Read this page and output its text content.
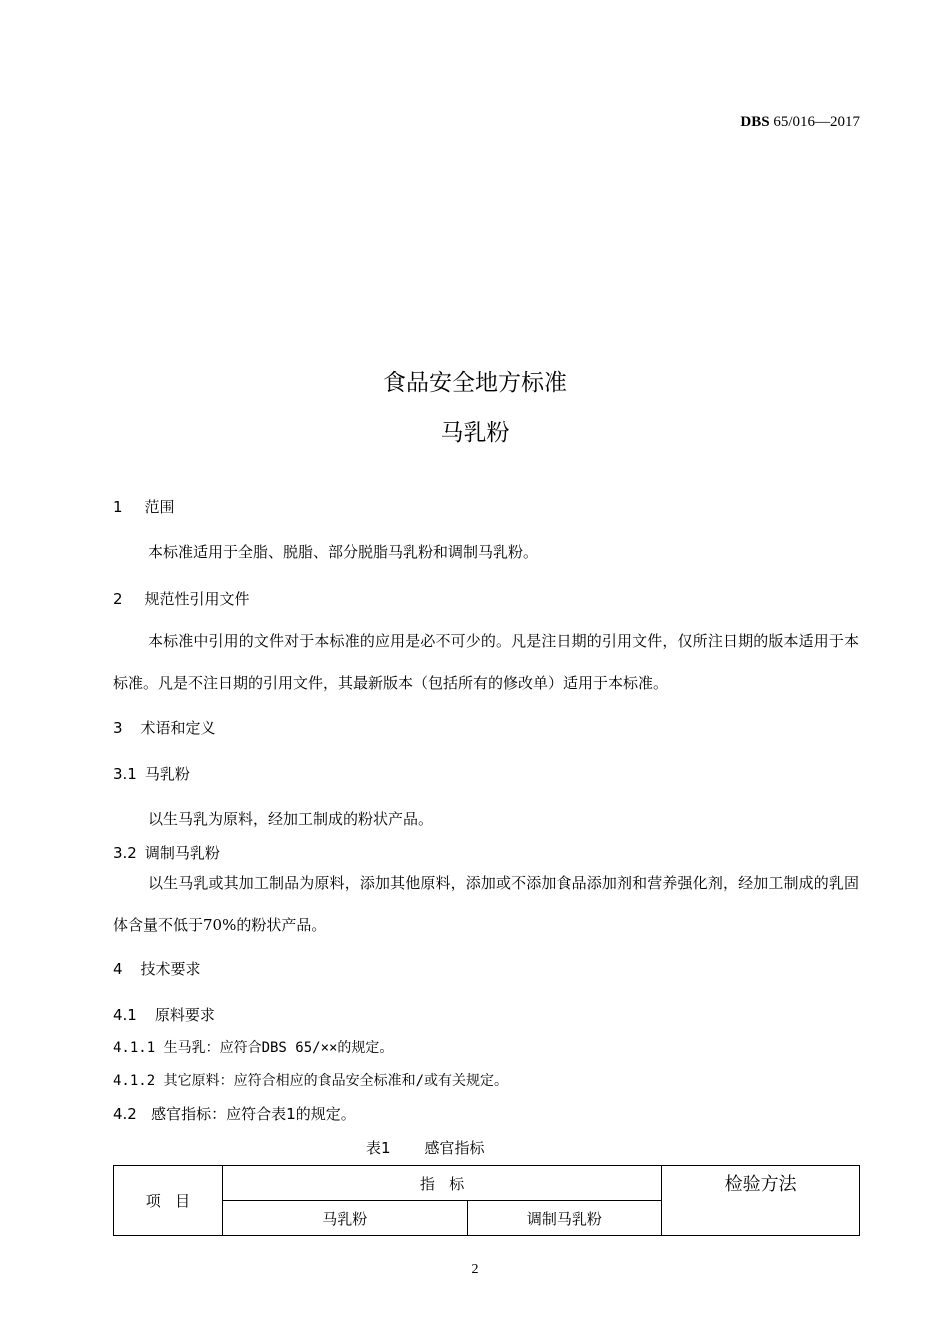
DBS 65/016—2017
食品安全地方标准
马乳粉
1 范围
本标准适用于全脂、脱脂、部分脱脂马乳粉和调制马乳粉。
2 规范性引用文件
本标准中引用的文件对于本标准的应用是必不可少的。凡是注日期的引用文件，仅所注日期的版本适用于本标准。凡是不注日期的引用文件，其最新版本（包括所有的修改单）适用于本标准。
3 术语和定义
3.1 马乳粉
以生马乳为原料，经加工制成的粉状产品。
3.2 调制马乳粉
以生马乳或其加工制品为原料，添加其他原料，添加或不添加食品添加剂和营养强化剂，经加工制成的乳固体含量不低于70%的粉状产品。
4 技术要求
4.1 原料要求
4.1.1 生马乳：应符合DBS 65/××的规定。
4.1.2 其它原料：应符合相应的食品安全标准和/或有关规定。
4.2   感官指标：应符合表1的规定。
表1 感官指标
项   目	指   标		检验方法
	马乳粉	调制马乳粉	
2
